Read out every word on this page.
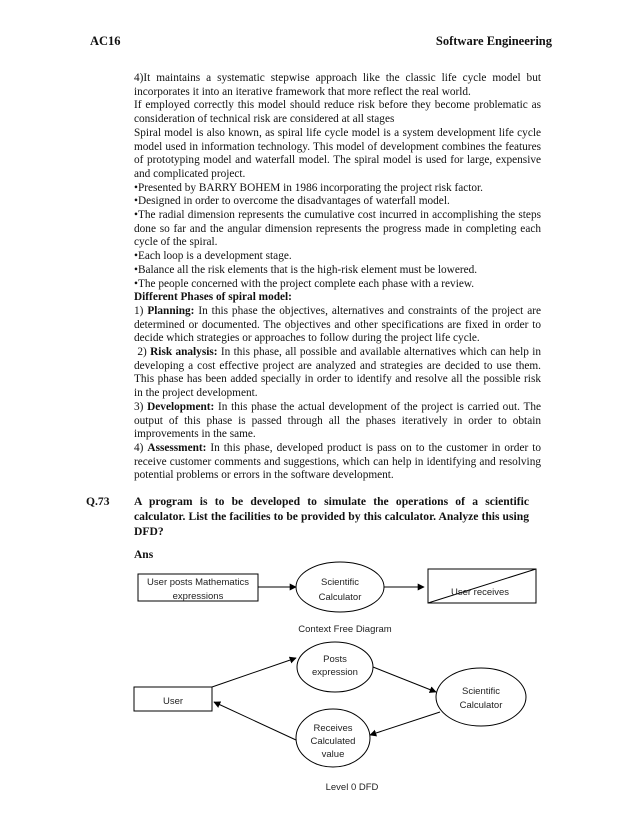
AC16	Software Engineering

4)It maintains a systematic stepwise approach like the classic life cycle model but incorporates it into an iterative framework that more reflect the real world.

If employed correctly this model should reduce risk before they become problematic as consideration of technical risk are considered at all stages

Spiral model is also known, as spiral life cycle model is a system development life cycle model used in information technology. This model of development combines the features of prototyping model and waterfall model. The spiral model is used for large, expensive and complicated project.

•Presented by BARRY BOHEM in 1986 incorporating the project risk factor.

•Designed in order to overcome the disadvantages of waterfall model.

•The radial dimension represents the cumulative cost incurred in accomplishing the steps done so far and the angular dimension represents the progress made in completing each cycle of the spiral.

•Each loop is a development stage.

•Balance all the risk elements that is the high-risk element must be lowered.

•The people concerned with the project complete each phase with a review.

Different Phases of spiral model:

1) Planning: In this phase the objectives, alternatives and constraints of the project are determined or documented. The objectives and other specifications are fixed in order to decide which strategies or approaches to follow during the project life cycle.

2) Risk analysis: In this phase, all possible and available alternatives which can help in developing a cost effective project are analyzed and strategies are decided to use them. This phase has been added specially in order to identify and resolve all the possible risk in the project development.

3) Development: In this phase the actual development of the project is carried out. The output of this phase is passed through all the phases iteratively in order to obtain improvements in the same.

4) Assessment: In this phase, developed product is pass on to the customer in order to receive customer comments and suggestions, which can help in identifying and resolving potential problems or errors in the software development.

Q.73 A program is to be developed to simulate the operations of a scientific calculator. List the facilities to be provided by this calculator. Analyze this using DFD?
Ans
User posts Mathematics
expressions
Scientific
Calculator	User receives
Context Free Diagram
User
Posts
expression
Scientific
Calculator
Receives
Calculated
value
Level 0 DFD
